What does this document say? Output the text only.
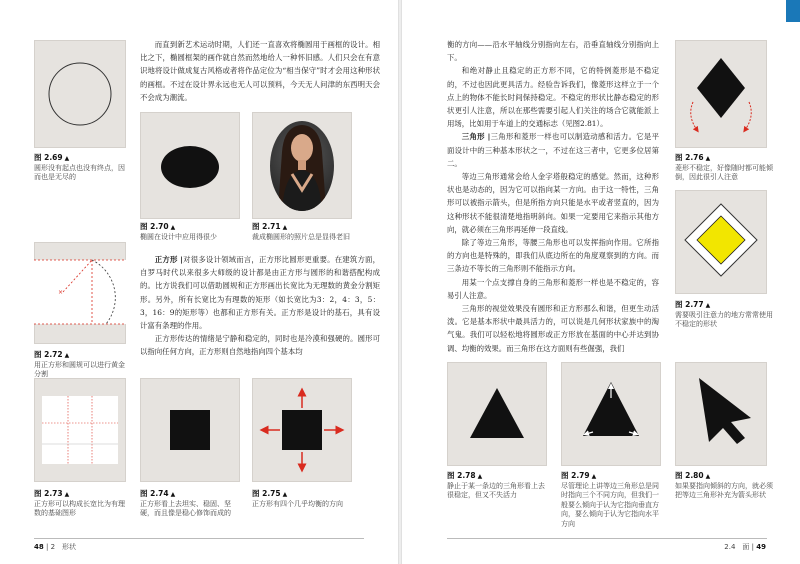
图 2.69 ▲
圆形没有起点也没有终点，因而也是无尽的

而直到新艺术运动时期，人们还一直喜欢将椭圆用于画框的设计。相比之下，椭圆框架的画作就自然而然地给人一种怀旧感。人们只会在有意识地将设计做成复古风格或者将作品定位为“相当保守”时才会用这种形状的画框。不过在设计界永远也无人可以预料，今天无人问津的东西明天会不会成为潮流。

图 2.70 ▲
椭圆在设计中应用得很少
图 2.71 ▲
裁成椭圆形的照片总是显得老旧

正方形 |对很多设计领域而言，正方形比圆形更重要。在建筑方面，自罗马时代以来很多大师级的设计都是由正方形与圆形的和谐搭配构成的。比方说我们可以借助圆规和正方形画出长宽比为无理数的黄金分割矩形。另外，所有长宽比为有理数的矩形（如长宽比为3：2，4：3，5：3，16：9的矩形等）也都和正方形有关。正方形是设计的基石，具有设计富有条理的作用。

正方形传达的情绪是宁静和稳定的，同时也是冷漠和强硬的。圆形可以指向任何方向，正方形则自然地指向四个基本均

×
图 2.72 ▲
用正方形和圆规可以进行黄金分割
图 2.73 ▲
正方形可以构成长宽比为有理数的基础图形
图 2.74 ▲
正方形看上去坦实、稳固、坚硬，而且像是稳心修饰而成的
图 2.75 ▲
正方形有四个几乎均衡的方向
48 | 2　形状

衡的方向——沿水平轴线分别指向左右，沿垂直轴线分别指向上下。

和绝对静止且稳定的正方形不同，它的特例菱形是不稳定的，不过也因此更具活力。经验告诉我们，像菱形这样立于一个点上的物体不能长时间保持稳定。不稳定的形状比静态稳定的形状更引人注意，所以在那些需要引起人们关注的场合它就能派上用场，比如用于车道上的交通标志（见图2.81）。

三角形 |三角形和菱形一样也可以制造动感和活力。它是平面设计中的三种基本形状之一，不过在这三者中，它更多位居第二。

等边三角形通常会给人金字塔般稳定的感觉。然而，这种形状也是动态的，因为它可以指向某一方向。由于这一特性，三角形可以被指示箭头，但是所指方向只能是水平或者竖直的，因为这种形状不能很清楚地指明斜向。如果一定要用它来指示其他方向，就必须在三角形再延伸一段直线。

除了等边三角形，等腰三角形也可以发挥指向作用。它所指的方向也是特殊的，即我们从底边所在的角度观察到的方向。而三条边不等长的三角形则不能指示方向。

用某一个点支撑自身的三角形和菱形一样也是不稳定的，容易引人注意。

三角形的视觉效果没有圆形和正方形那么和谐，但更生动活泼。它是基本形状中最具活力的，可以说是几何形状家族中的淘气鬼。我们可以轻松地将圆形或正方形放在基面的中心并达到协调、均衡的效果。而三角形在这方面则有些倔强，我们

图 2.76 ▲
菱形不稳定，好像随时都可能倾倒，因此很引人注意
图 2.77 ▲
需要吸引注意力的地方常常使用不稳定的形状
图 2.78 ▲
静止于某一条边的三角形看上去很稳定，但又不失活力
图 2.79 ▲
尽管理论上讲等边三角形总是同时指向三个不同方向，但我们一般要么倾向于认为它指向垂直方向，要么倾向于认为它指向水平方向
图 2.80 ▲
如果要指向倾斜的方向，就必须把等边三角形补充为箭头形状
2.4　面 | 49
